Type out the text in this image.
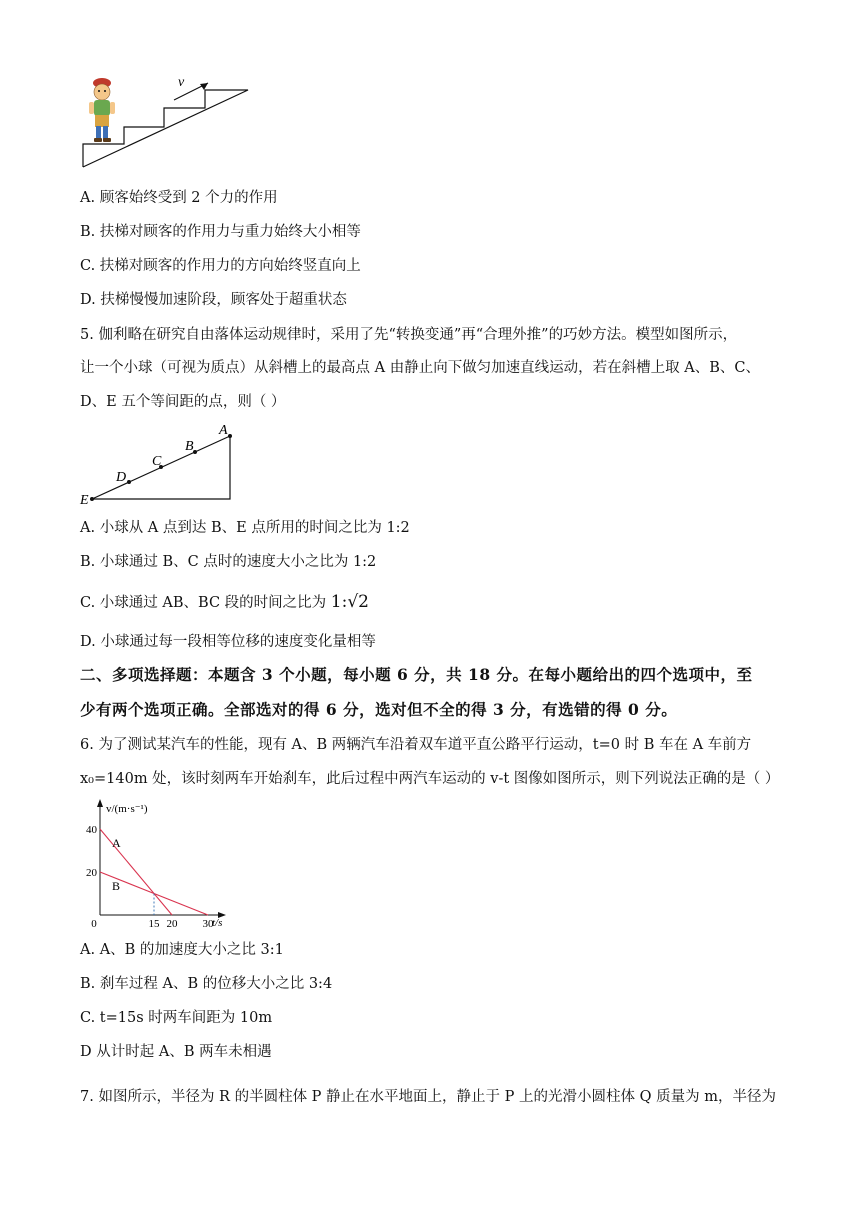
v
A. 顾客始终受到 2 个力的作用
B. 扶梯对顾客的作用力与重力始终大小相等
C. 扶梯对顾客的作用力的方向始终竖直向上
D. 扶梯慢慢加速阶段，顾客处于超重状态
5. 伽利略在研究自由落体运动规律时，采用了先“转换变通”再“合理外推”的巧妙方法。模型如图所示，
让一个小球（可视为质点）从斜槽上的最高点 A 由静止向下做匀加速直线运动，若在斜槽上取 A、B、C、
D、E 五个等间距的点，则（ ）
A
B
C
D
E
A. 小球从 A 点到达 B、E 点所用的时间之比为 1:2
B. 小球通过 B、C 点时的速度大小之比为 1:2
C. 小球通过 AB、BC 段的时间之比为 1:√2
D. 小球通过每一段相等位移的速度变化量相等
二、多项选择题：本题含 3 个小题，每小题 6 分，共 18 分。在每小题给出的四个选项中，至
少有两个选项正确。全部选对的得 6 分，选对但不全的得 3 分，有选错的得 0 分。
6. 为了测试某汽车的性能，现有 A、B 两辆汽车沿着双车道平直公路平行运动，t=0 时 B 车在 A 车前方
x₀=140m 处，该时刻两车开始刹车，此后过程中两汽车运动的 v-t 图像如图所示，则下列说法正确的是（ ）
0	15 20 30
40
20
A
B
v/(m·s⁻¹)
t/s
A. A、B 的加速度大小之比 3:1
B. 刹车过程 A、B 的位移大小之比 3:4
C. t=15s 时两车间距为 10m
D 从计时起 A、B 两车未相遇
7. 如图所示，半径为 R 的半圆柱体 P 静止在水平地面上，静止于 P 上的光滑小圆柱体 Q 质量为 m，半径为
